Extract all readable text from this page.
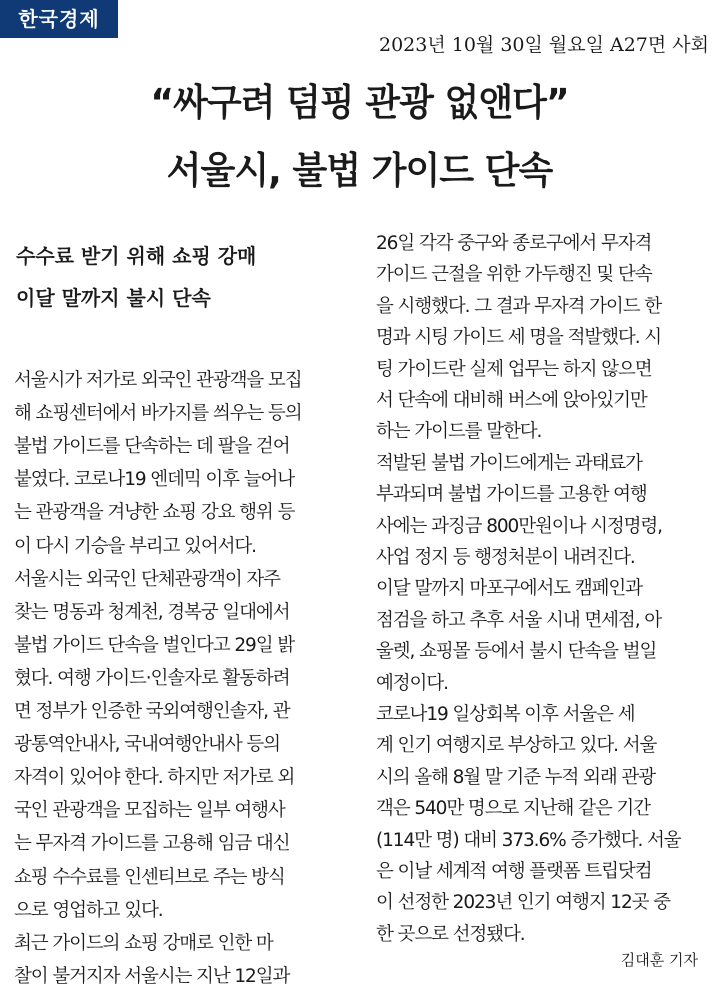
한국경제
2023년 10월 30일 월요일 A27면 사회
“싸구려 덤핑 관광 없앤다”
서울시, 불법 가이드 단속
수수료 받기 위해 쇼핑 강매
이달 말까지 불시 단속
서울시가 저가로 외국인 관광객을 모집
해 쇼핑센터에서 바가지를 씌우는 등의
불법 가이드를 단속하는 데 팔을 걷어
붙였다. 코로나19 엔데믹 이후 늘어나
는 관광객을 겨냥한 쇼핑 강요 행위 등
이 다시 기승을 부리고 있어서다.
서울시는 외국인 단체관광객이 자주
찾는 명동과 청계천, 경복궁 일대에서
불법 가이드 단속을 벌인다고 29일 밝
혔다. 여행 가이드·인솔자로 활동하려
면 정부가 인증한 국외여행인솔자, 관
광통역안내사, 국내여행안내사 등의
자격이 있어야 한다. 하지만 저가로 외
국인 관광객을 모집하는 일부 여행사
는 무자격 가이드를 고용해 임금 대신
쇼핑 수수료를 인센티브로 주는 방식
으로 영업하고 있다.
최근 가이드의 쇼핑 강매로 인한 마
찰이 불거지자 서울시는 지난 12일과
26일 각각 중구와 종로구에서 무자격
가이드 근절을 위한 가두행진 및 단속
을 시행했다. 그 결과 무자격 가이드 한
명과 시팅 가이드 세 명을 적발했다. 시
팅 가이드란 실제 업무는 하지 않으면
서 단속에 대비해 버스에 앉아있기만
하는 가이드를 말한다.
적발된 불법 가이드에게는 과태료가
부과되며 불법 가이드를 고용한 여행
사에는 과징금 800만원이나 시정명령,
사업 정지 등 행정처분이 내려진다.
이달 말까지 마포구에서도 캠페인과
점검을 하고 추후 서울 시내 면세점, 아
울렛, 쇼핑몰 등에서 불시 단속을 벌일
예정이다.
코로나19 일상회복 이후 서울은 세
계 인기 여행지로 부상하고 있다. 서울
시의 올해 8월 말 기준 누적 외래 관광
객은 540만 명으로 지난해 같은 기간
(114만 명) 대비 373.6% 증가했다. 서울
은 이날 세계적 여행 플랫폼 트립닷컴
이 선정한 2023년 인기 여행지 12곳 중
한 곳으로 선정됐다.
김대훈 기자
